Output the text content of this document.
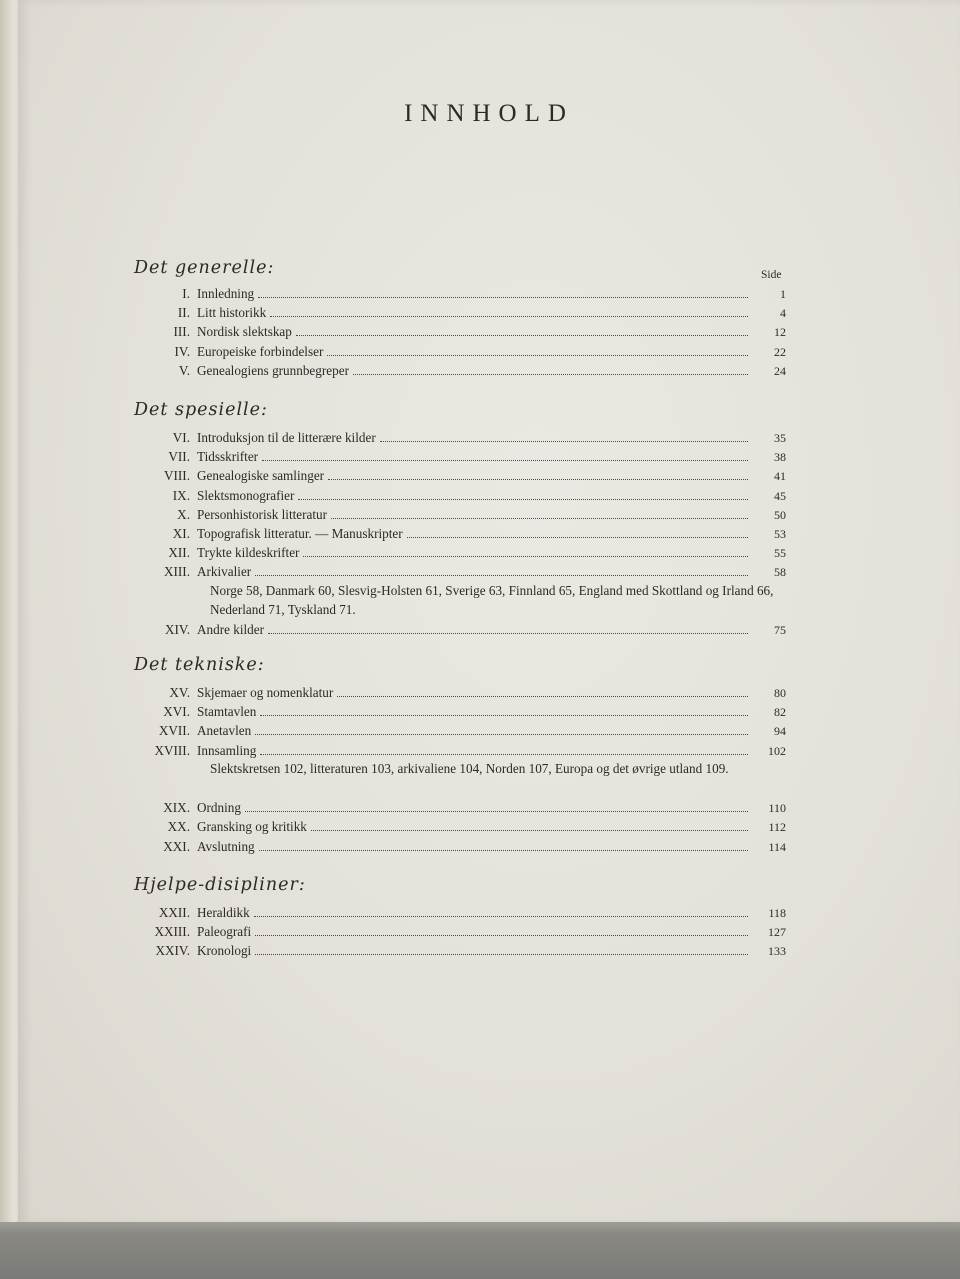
INNHOLD
Side
Det generelle:
I. Innledning	1
II. Litt historikk	4
III. Nordisk slektskap	12
IV. Europeiske forbindelser	22
V. Genealogiens grunnbegreper	24
Det spesielle:
VI. Introduksjon til de litterære kilder	35
VII. Tidsskrifter	38
VIII. Genealogiske samlinger	41
IX. Slektsmonografier	45
X. Personhistorisk litteratur	50
XI. Topografisk litteratur. — Manuskripter	53
XII. Trykte kildeskrifter	55
XIII. Arkivalier	58
Norge 58, Danmark 60, Slesvig-Holsten 61, Sverige 63, Finnland 65, England med Skottland og Irland 66, Nederland 71, Tyskland 71.
XIV. Andre kilder	75
Det tekniske:
XV. Skjemaer og nomenklatur	80
XVI. Stamtavlen	82
XVII. Anetavlen	94
XVIII. Innsamling	102
Slektskretsen 102, litteraturen 103, arkivaliene 104, Norden 107, Europa og det øvrige utland 109.
XIX. Ordning	110
XX. Gransking og kritikk	112
XXI. Avslutning	114
Hjelpe-disipliner:
XXII. Heraldikk	118
XXIII. Paleografi	127
XXIV. Kronologi	133
